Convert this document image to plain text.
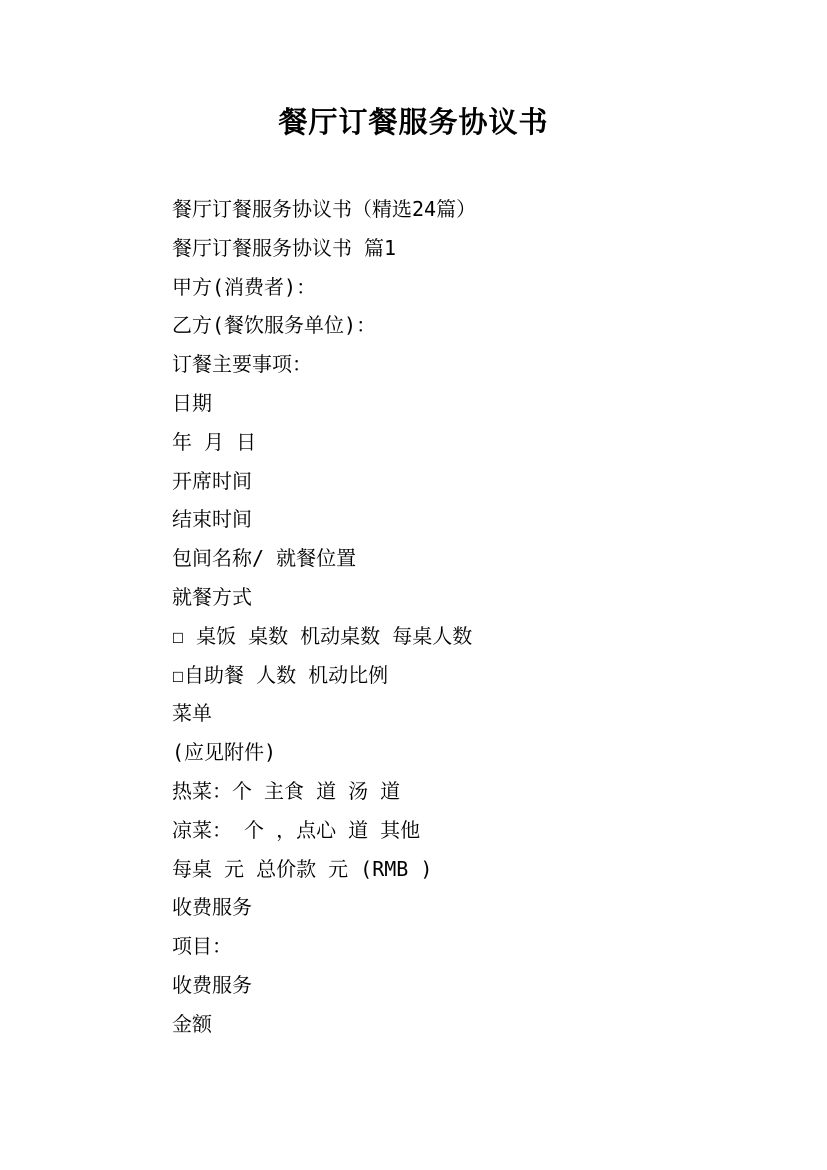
餐厅订餐服务协议书
餐厅订餐服务协议书（精选24篇）
餐厅订餐服务协议书 篇1
甲方(消费者)：
乙方(餐饮服务单位)：
订餐主要事项：
日期
年 月 日
开席时间
结束时间
包间名称/ 就餐位置
就餐方式
☐ 桌饭 桌数 机动桌数 每桌人数
☐自助餐 人数 机动比例
菜单
(应见附件)
热菜：个 主食 道 汤 道
凉菜： 个 ，点心 道 其他
每桌 元 总价款 元 (RMB )
收费服务
项目：
收费服务
金额
